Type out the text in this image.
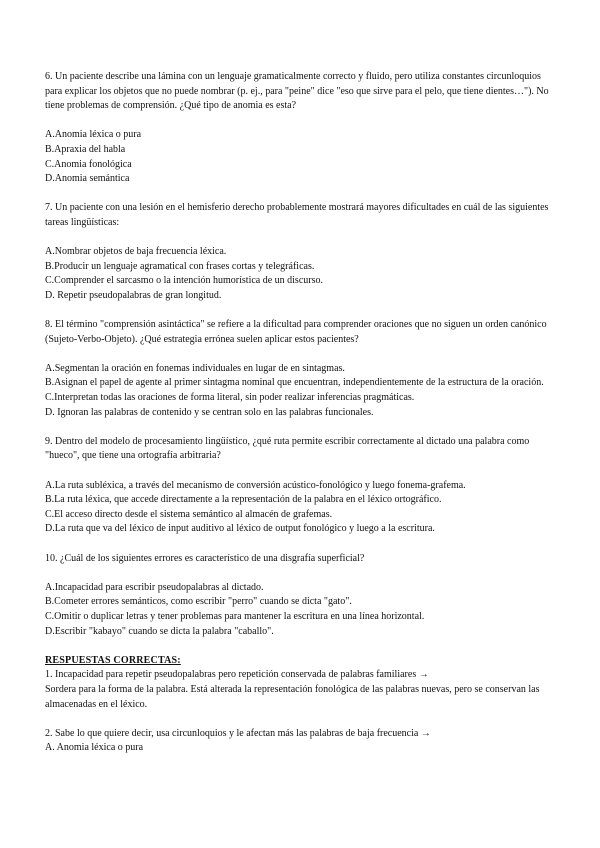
6. Un paciente describe una lámina con un lenguaje gramaticalmente correcto y fluido, pero utiliza constantes circunloquios para explicar los objetos que no puede nombrar (p. ej., para "peine" dice "eso que sirve para el pelo, que tiene dientes…"). No tiene problemas de comprensión. ¿Qué tipo de anomia es esta?

A.Anomia léxica o pura

B.Apraxia del habla

C.Anomia fonológica

D.Anomia semántica

7. Un paciente con una lesión en el hemisferio derecho probablemente mostrará mayores dificultades en cuál de las siguientes tareas lingüísticas:

A.Nombrar objetos de baja frecuencia léxica.

B.Producir un lenguaje agramatical con frases cortas y telegráficas.

C.Comprender el sarcasmo o la intención humorística de un discurso.

D. Repetir pseudopalabras de gran longitud.

8. El término "comprensión asintáctica" se refiere a la dificultad para comprender oraciones que no siguen un orden canónico (Sujeto-Verbo-Objeto). ¿Qué estrategia errónea suelen aplicar estos pacientes?

A.Segmentan la oración en fonemas individuales en lugar de en sintagmas.

B.Asignan el papel de agente al primer sintagma nominal que encuentran, independientemente de la estructura de la oración.

C.Interpretan todas las oraciones de forma literal, sin poder realizar inferencias pragmáticas.

D. Ignoran las palabras de contenido y se centran solo en las palabras funcionales.

9. Dentro del modelo de procesamiento lingüístico, ¿qué ruta permite escribir correctamente al dictado una palabra como "hueco", que tiene una ortografía arbitraria?

A.La ruta subléxica, a través del mecanismo de conversión acústico-fonológico y luego fonema-grafema.

B.La ruta léxica, que accede directamente a la representación de la palabra en el léxico ortográfico.

C.El acceso directo desde el sistema semántico al almacén de grafemas.

D.La ruta que va del léxico de input auditivo al léxico de output fonológico y luego a la escritura.

10. ¿Cuál de los siguientes errores es característico de una disgrafía superficial?

A.Incapacidad para escribir pseudopalabras al dictado.

B.Cometer errores semánticos, como escribir "perro" cuando se dicta "gato".

C.Omitir o duplicar letras y tener problemas para mantener la escritura en una línea horizontal.

D.Escribir "kabayo" cuando se dicta la palabra "caballo".

RESPUESTAS CORRECTAS:

1. Incapacidad para repetir pseudopalabras pero repetición conservada de palabras familiares →

Sordera para la forma de la palabra. Está alterada la representación fonológica de las palabras nuevas, pero se conservan las almacenadas en el léxico.

2. Sabe lo que quiere decir, usa circunloquios y le afectan más las palabras de baja frecuencia →

A. Anomia léxica o pura
